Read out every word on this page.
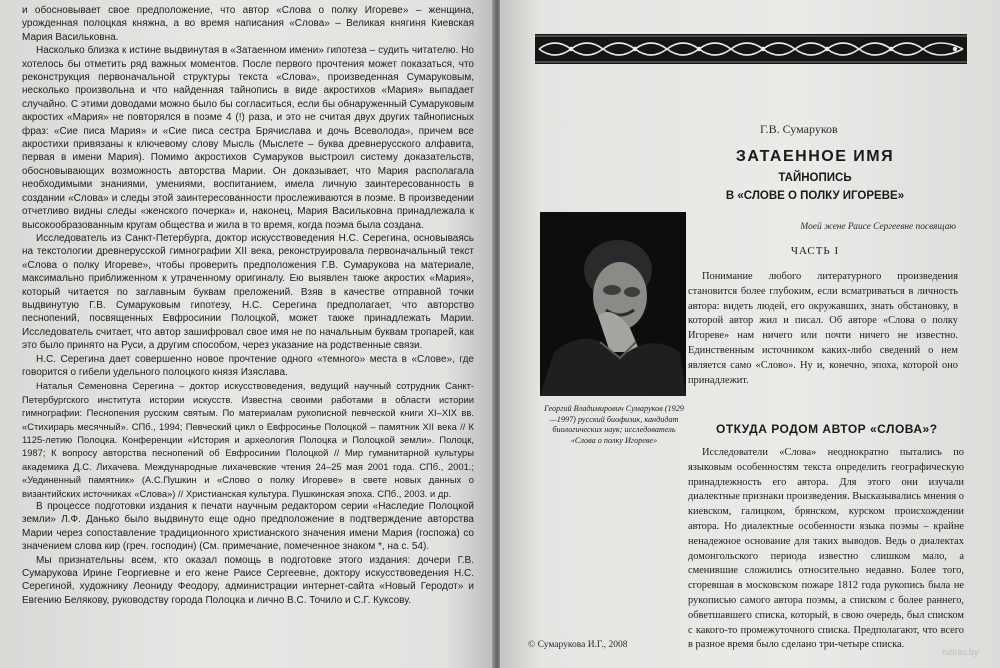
и обосновывает свое предположение, что автор «Слова о полку Игореве» – женщина, урожденная полоцкая княжна, а во время написания «Слова» – Великая княгиня Киевская Мария Васильковна.

Насколько близка к истине выдвинутая в «Затаенном имени» гипотеза – судить читателю. Но хотелось бы отметить ряд важных моментов. После первого прочтения может показаться, что реконструкция первоначальной структуры текста «Слова», произведенная Сумаруковым, несколько произвольна и что найденная тайнопись в виде акростихов «Мария» выпадает случайно. С этими доводами можно было бы согласиться, если бы обнаруженный Сумаруковым акростих «Мария» не повторялся в поэме 4 (!) раза, и это не считая двух других тайнописных фраз: «Сие писа Мария» и «Сие писа сестра Брячислава и дочь Всеволода», причем все акростихи привязаны к ключевому слову Мысль (Мыслете – буква древнерусского алфавита, первая в имени Мария). Помимо акростихов Сумаруков выстроил систему доказательств, обосновывающих возможность авторства Марии. Он доказывает, что Мария располагала необходимыми знаниями, умениями, воспитанием, имела личную заинтересованность в создании «Слова» и следы этой заинтересованности прослеживаются в поэме. В произведении отчетливо видны следы «женского почерка» и, наконец, Мария Васильковна принадлежала к высокообразованным кругам общества и жила в то время, когда поэма была создана.

Исследователь из Санкт-Петербурга, доктор искусствоведения Н.С. Серегина, основываясь на текстологии древнерусской гимнографии XII века, реконструировала первоначальный текст «Слова о полку Игореве», чтобы проверить предположения Г.В. Сумарукова на материале, максимально приближенном к утраченному оригиналу. Ею выявлен также акростих «Мария», который читается по заглавным буквам преложений. Взяв в качестве отправной точки выдвинутую Г.В. Сумаруковым гипотезу, Н.С. Серегина предполагает, что авторство песнопений, посвященных Евфросинии Полоцкой, может также принадлежать Марии. Исследователь считает, что автор зашифровал свое имя не по начальным буквам тропарей, как это было принято на Руси, а другим способом, через указание на родственные связи.

Н.С. Серегина дает совершенно новое прочтение одного «темного» места в «Слове», где говорится о гибели удельного полоцкого князя Изяслава.

Наталья Семеновна Серегина – доктор искусствоведения, ведущий научный сотрудник Санкт-Петербургского института истории искусств. Известна своими работами в области истории гимнографии: Песнопения русским святым. По материалам рукописной певческой книги XI–XIX вв. «Стихирарь месячный». СПб., 1994; Певческий цикл о Евфросинье Полоцкой – памятник XII века // К 1125-летию Полоцка. Конференции «История и археология Полоцка и Полоцкой земли». Полоцк, 1987; К вопросу авторства песнопений об Евфросинии Полоцкой // Мир гуманитарной культуры академика Д.С. Лихачева. Международные лихачевские чтения 24–25 мая 2001 года. СПб., 2001.; «Уединенный памятник» (А.С.Пушкин и «Слово о полку Игореве» в свете новых данных о византийских источниках «Слова») // Христианская культура. Пушкинская эпоха. СПб., 2003. и др.

В процессе подготовки издания к печати научным редактором серии «Наследие Полоцкой земли» Л.Ф. Данько было выдвинуто еще одно предположение в подтверждение авторства Марии через сопоставление традиционного христианского значения имени Мария (госпожа) со значением слова кир (греч. господин) (См. примечание, помеченное знаком *, на с. 54).

Мы признательны всем, кто оказал помощь в подготовке этого издания: дочери Г.В. Сумарукова Ирине Георгиевне и его жене Раисе Сергеевне, доктору искусствоведения Н.С. Серегиной, художнику Леониду Феодору, администрации интернет-сайта «Новый Геродот» и Евгению Белякову, руководству города Полоцка и лично В.С. Точило и С.Г. Куксову.

Г.В. Сумаруков
ЗАТАЕННОЕ ИМЯ
ТАЙНОПИСЬ
В «СЛОВЕ О ПОЛКУ ИГОРЕВЕ»
Георгий Владимирович Сумаруков (1929—1997) русский биофизик, кандидат биологических наук; исследователь «Слова о полку Игореве»
Моей жене Раисе Сергеевне посвящаю
ЧАСТЬ I

Понимание любого литературного произведения становится более глубоким, если всматриваться в личность автора: видеть людей, его окружавших, знать обстановку, в которой автор жил и писал. Об авторе «Слова о полку Игореве» нам ничего или почти ничего не известно. Единственным источником каких-либо сведений о нем является само «Слово». Ну и, конечно, эпоха, которой оно принадлежит.

ОТКУДА РОДОМ АВТОР «СЛОВА»?

Исследователи «Слова» неоднократно пытались по языковым особенностям текста определить географическую принадлежность его автора. Для этого они изучали диалектные признаки произведения. Высказывались мнения о киевском, галицком, брянском, курском происхождении автора. Но диалектные особенности языка поэмы – крайне ненадежное основание для таких выводов. Ведь о диалектах домонгольского периода известно слишком мало, а сменившие сложились относительно недавно. Более того, сгоревшая в московском пожаре 1812 года рукопись была не рукописью самого автора поэмы, а списком с более раннего, обветшавшего списка, который, в свою очередь, был списком с какого-то промежуточного списка. Предполагают, что всего в разное время было сделано три-четыре списка.

© Сумарукова И.Г., 2008
rusrav.by
